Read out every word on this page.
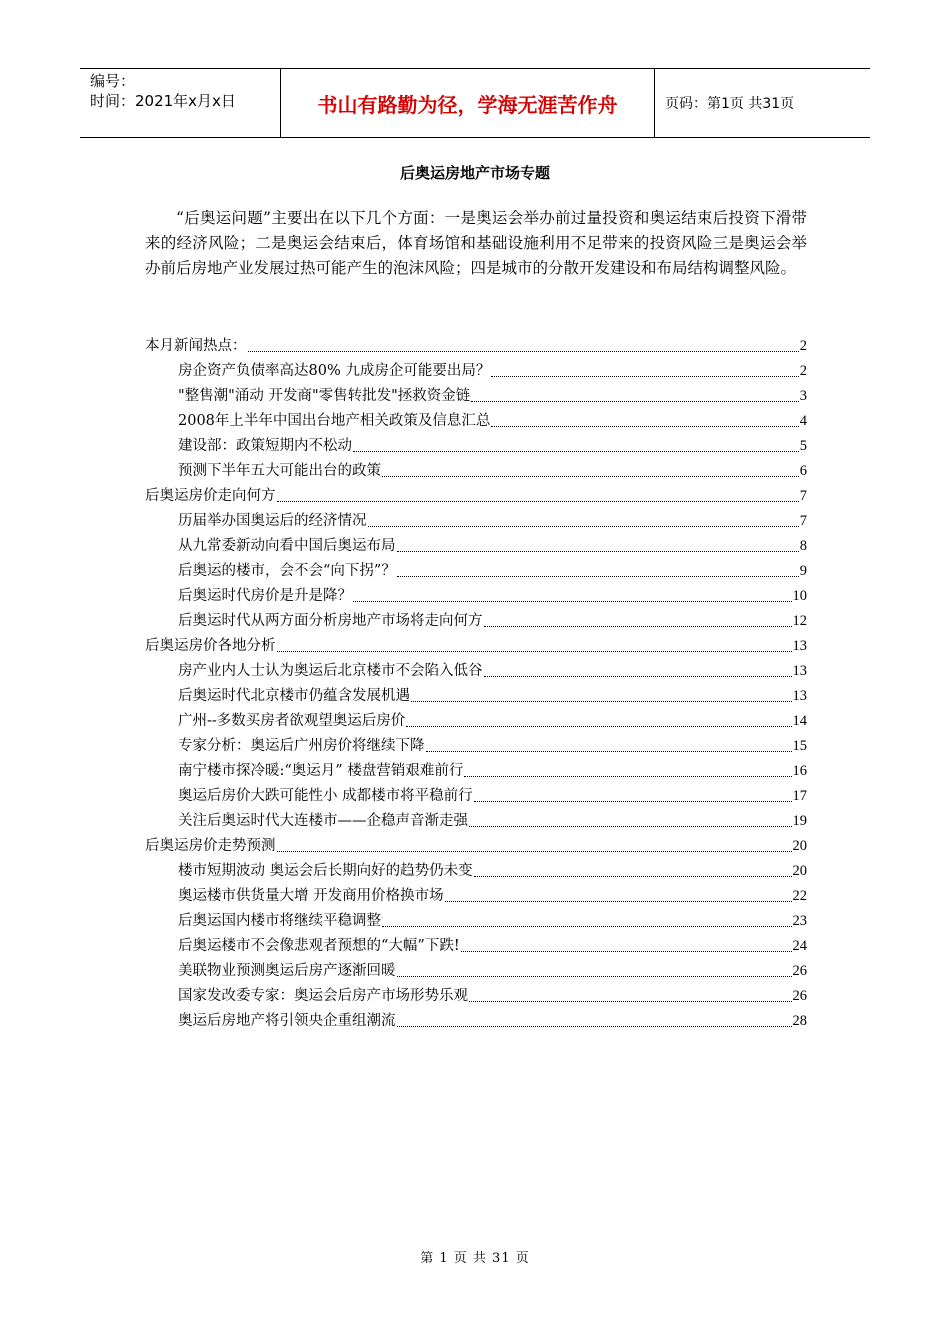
编号：
时间：2021年x月x日	书山有路勤为径，学海无涯苦作舟	页码：第1页 共31页
后奥运房地产市场专题
“后奥运问题”主要出在以下几个方面：一是奥运会举办前过量投资和奥运结束后投资下滑带来的经济风险；二是奥运会结束后，体育场馆和基础设施利用不足带来的投资风险三是奥运会举办前后房地产业发展过热可能产生的泡沫风险；四是城市的分散开发建设和布局结构调整风险。
本月新闻热点：	2
房企资产负债率高达80% 九成房企可能要出局？	2
"整售潮"涌动 开发商"零售转批发"拯救资金链	3
2008年上半年中国出台地产相关政策及信息汇总	4
建设部：政策短期内不松动	5
预测下半年五大可能出台的政策	6
后奥运房价走向何方	7
历届举办国奥运后的经济情况	7
从九常委新动向看中国后奥运布局	8
后奥运的楼市，会不会“向下拐”？	9
后奥运时代房价是升是降？	10
后奥运时代从两方面分析房地产市场将走向何方	12
后奥运房价各地分析	13
房产业内人士认为奥运后北京楼市不会陷入低谷	13
后奥运时代北京楼市仍蕴含发展机遇	13
广州--多数买房者欲观望奥运后房价	14
专家分析：奥运后广州房价将继续下降	15
南宁楼市探冷暖:“奥运月” 楼盘营销艰难前行	16
奥运后房价大跌可能性小 成都楼市将平稳前行	17
关注后奥运时代大连楼市——企稳声音渐走强	19
后奥运房价走势预测	20
楼市短期波动 奥运会后长期向好的趋势仍未变	20
奥运楼市供货量大增 开发商用价格换市场	22
后奥运国内楼市将继续平稳调整	23
后奥运楼市不会像悲观者预想的“大幅”下跌!	24
美联物业预测奥运后房产逐渐回暖	26
国家发改委专家：奥运会后房产市场形势乐观	26
奥运后房地产将引领央企重组潮流	28
第 1 页 共 31 页
